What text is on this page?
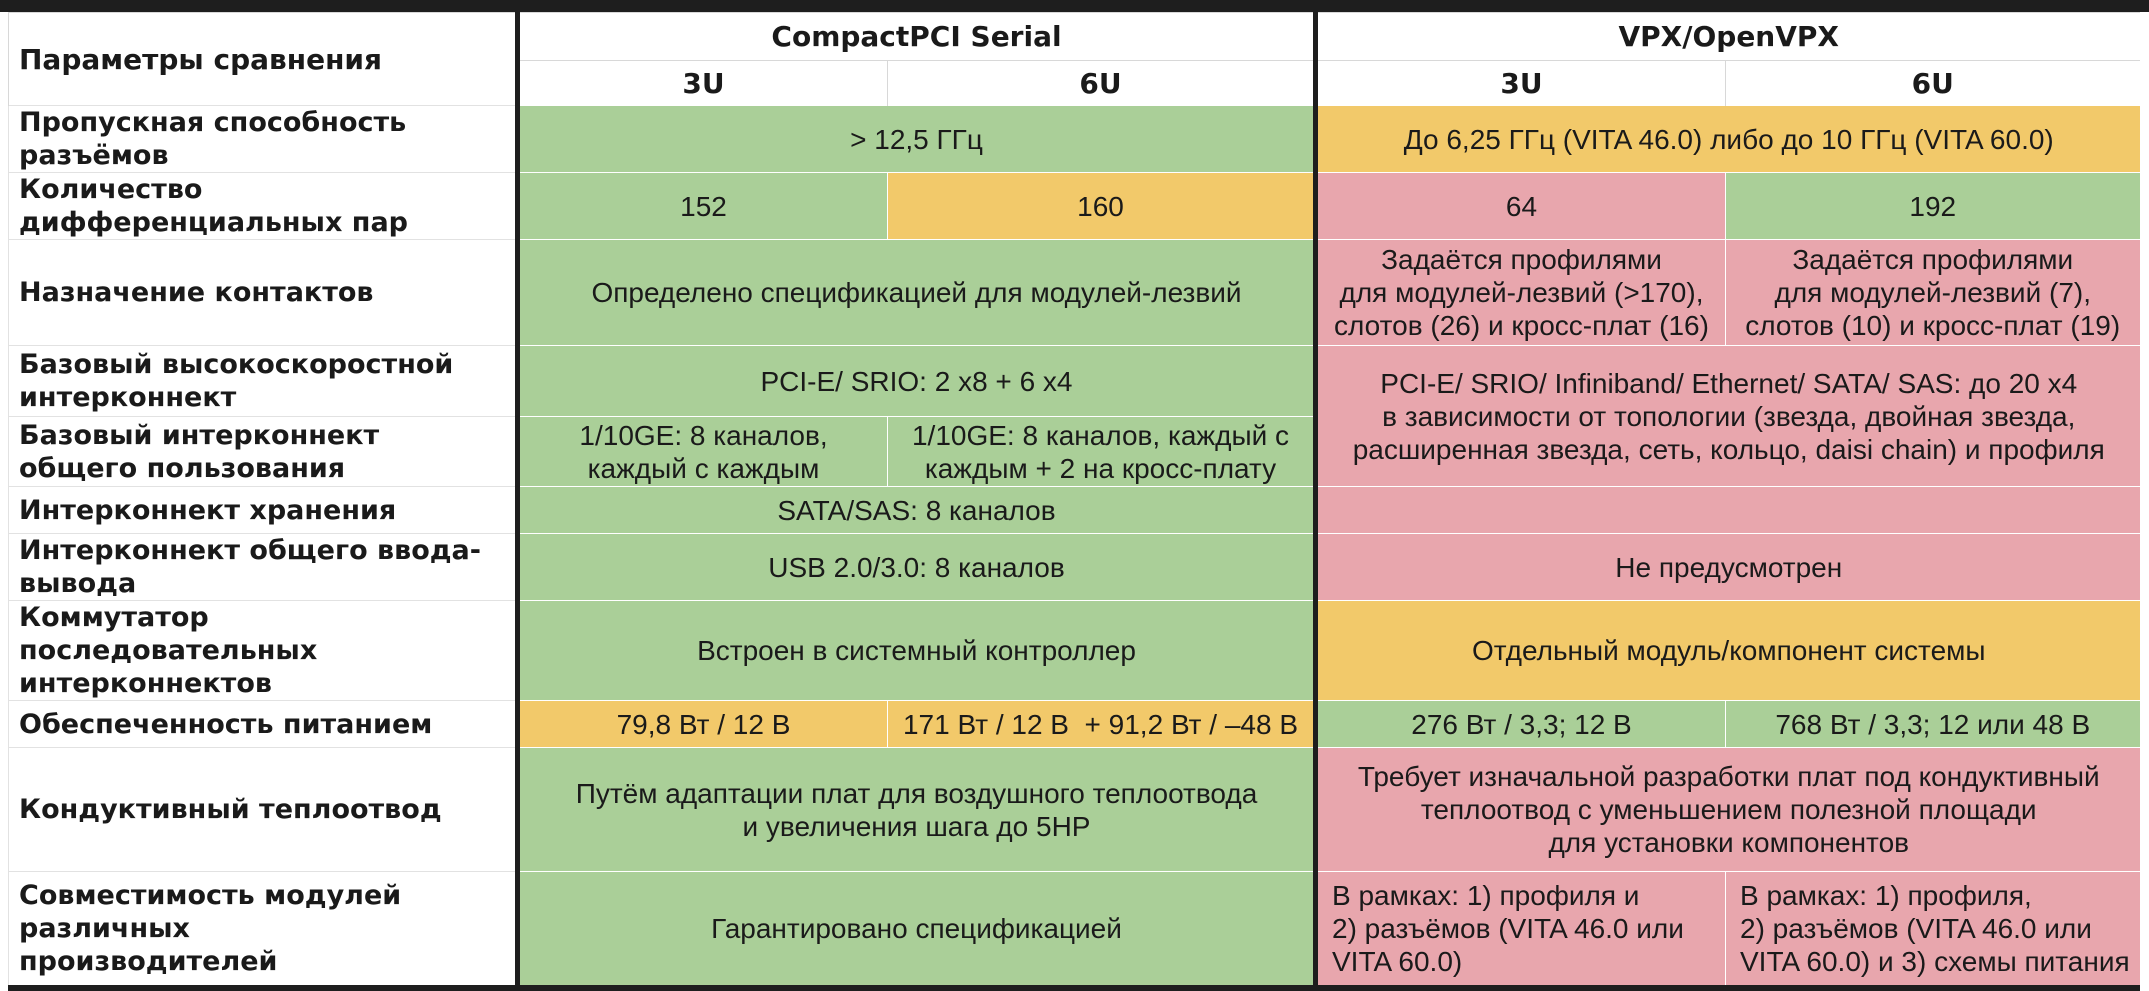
Параметры сравнения	CompactPCI Serial		VPX/OpenVPX	
	3U	6U	3U	6U
Пропускная способность разъёмов	> 12,5 ГГц		До 6,25 ГГц (VITA 46.0) либо до 10 ГГц (VITA 60.0)	
Количество дифференциальных пар	152	160	64	192
Назначение контактов	Определено спецификацией для модулей-лезвий		Задаётся профилями
для модулей-лезвий (>170),
слотов (26) и кросс-плат (16)	Задаётся профилями
для модулей-лезвий (7),
слотов (10) и кросс-плат (19)
Базовый высокоскоростной
интерконнект	PCI-E/ SRIO: 2 x8 + 6 x4		PCI-E/ SRIO/ Infiniband/ Ethernet/ SATA/ SAS: до 20 x4
в зависимости от топологии (звезда, двойная звезда,
расширенная звезда, сеть, кольцо, daisi chain) и профиля	
Базовый интерконнект
общего пользования	1/10GE: 8 каналов,
каждый с каждым	1/10GE: 8 каналов, каждый с
каждым + 2 на кросс-плату		
Интерконнект хранения	SATA/SAS: 8 каналов			
Интерконнект общего ввода-вывода	USB 2.0/3.0: 8 каналов		Не предусмотрен	
Коммутатор
последовательных интерконнектов	Встроен в системный контроллер		Отдельный модуль/компонент системы	
Обеспеченность питанием	79,8 Вт / 12 В	171 Вт / 12 В  + 91,2 Вт / –48 В	276 Вт / 3,3; 12 В	768 Вт / 3,3; 12 или 48 В
Кондуктивный теплоотвод	Путём адаптации плат для воздушного теплоотвода
и увеличения шага до 5HP		Требует изначальной разработки плат под кондуктивный
теплоотвод с уменьшением полезной площади
для установки компонентов	
Совместимость модулей различных
производителей	Гарантировано спецификацией		В рамках: 1) профиля и
2) разъёмов (VITA 46.0 или
VITA 60.0)	В рамках: 1) профиля,
2) разъёмов (VITA 46.0 или
VITA 60.0) и 3) схемы питания
